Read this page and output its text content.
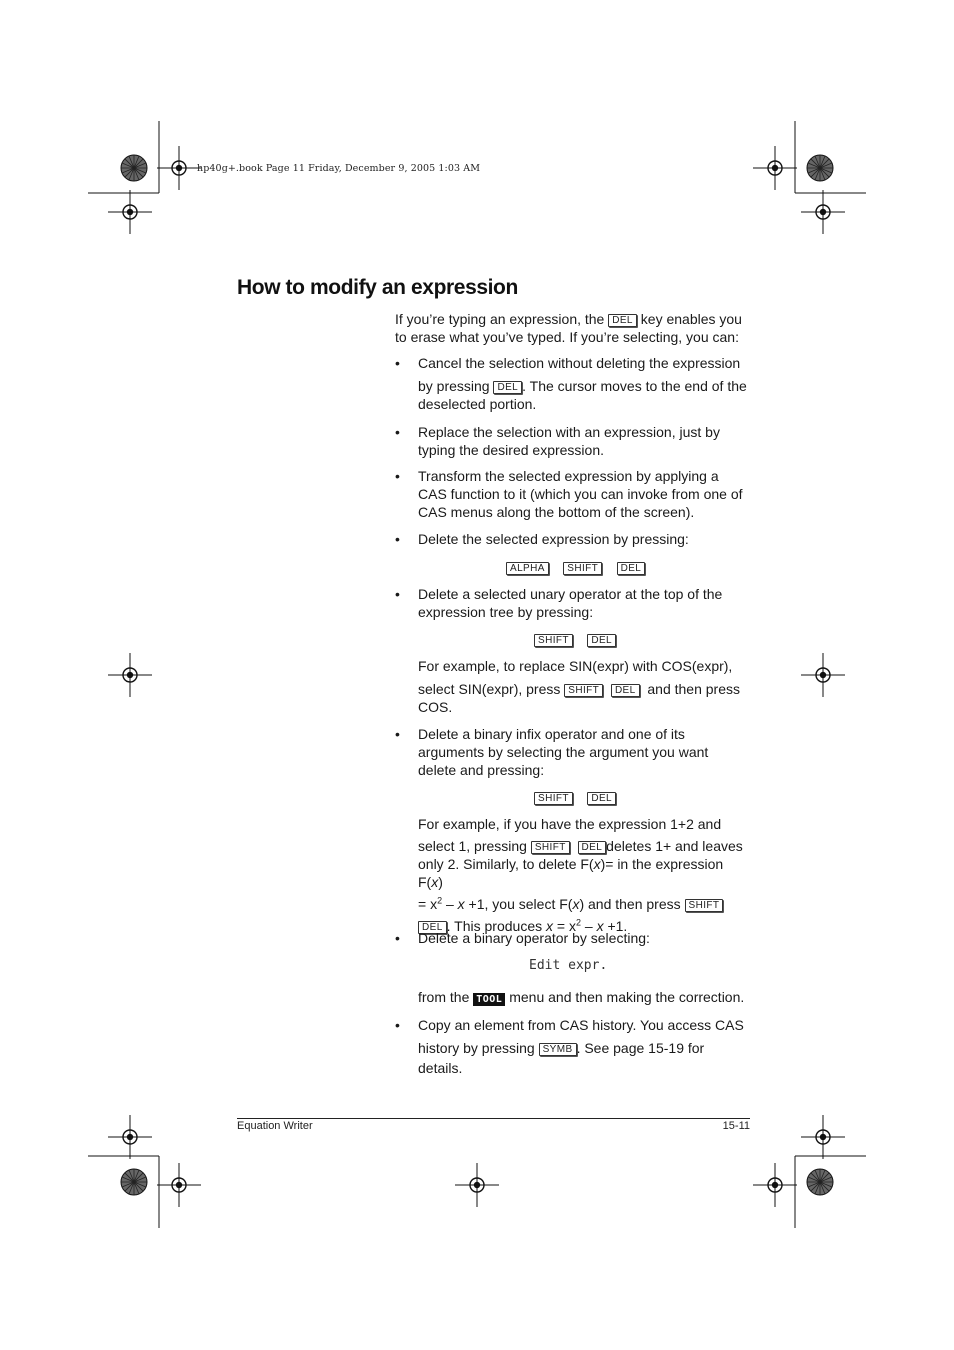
hp40g+.book Page 11 Friday, December 9, 2005 1:03 AM
How to modify an expression
If you’re typing an expression, the DEL key enables you to erase what you’ve typed. If you’re selecting, you can:
• Cancel the selection without deleting the expression
by pressing DEL . The cursor moves to the end of the
deselected portion.
• Replace the selection with an expression, just by typing the desired expression.
• Transform the selected expression by applying a CAS function to it (which you can invoke from one of CAS menus along the bottom of the screen).
• Delete the selected expression by pressing:
ALPHA SHIFT DEL
• Delete a selected unary operator at the top of the expression tree by pressing:
SHIFT DEL
For example, to replace SIN(expr) with COS(expr),
select SIN(expr), press SHIFT DEL and then press
COS.
• Delete a binary infix operator and one of its arguments by selecting the argument you want delete and pressing:
SHIFT DEL
For example, if you have the expression 1+2 and
select 1, pressing SHIFT DEL deletes 1+ and leaves
only 2. Similarly, to delete F(x)= in the expression F(x)
= $x^2 - x +1$, you select F(x) and then press SHIFT
DEL . This produces $x = x^2 - x +1$.
• Delete a binary operator by selecting:
Edit expr.
from the TOOL menu and then making the correction.
• Copy an element from CAS history. You access CAS
history by pressing SYMB . See page 15-19 for
details.
Equation Writer	15-11
